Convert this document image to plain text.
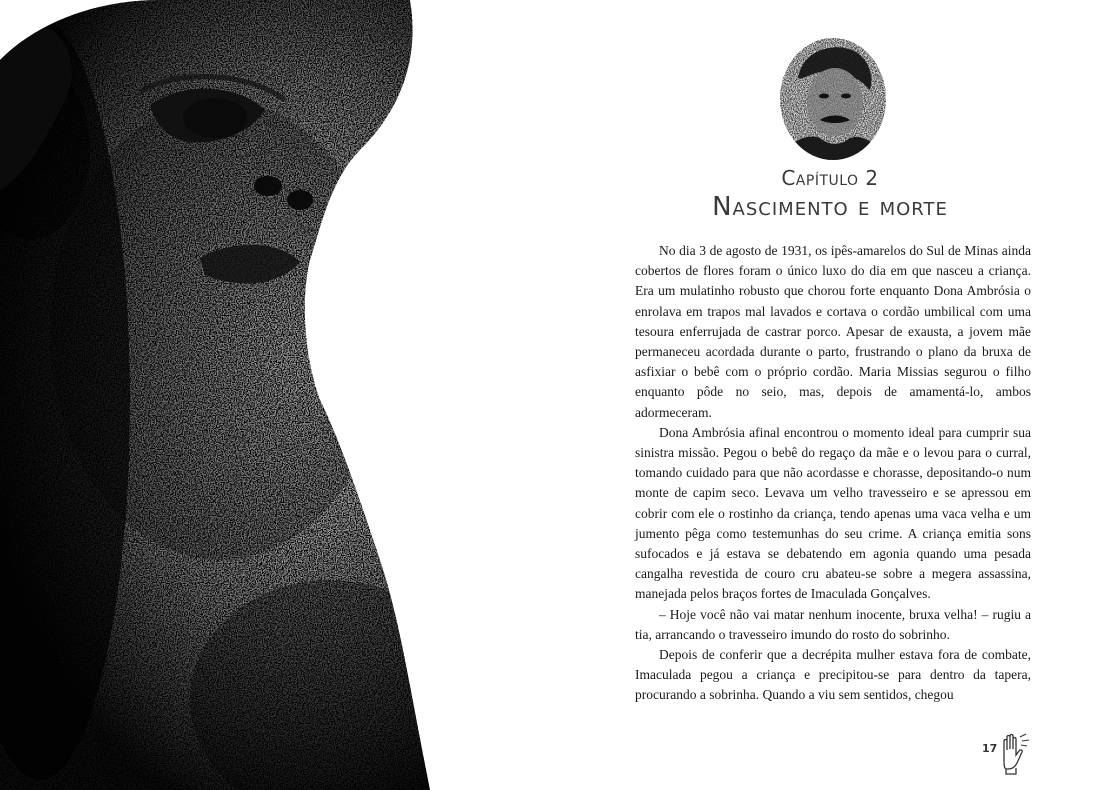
Capítulo 2
Nascimento e morte

No dia 3 de agosto de 1931, os ipês-amarelos do Sul de Minas ainda cobertos de flores foram o único luxo do dia em que nasceu a criança. Era um mulatinho robusto que chorou forte enquanto Dona Ambrósia o enrolava em trapos mal lavados e cortava o cordão umbilical com uma tesoura enferrujada de castrar porco. Apesar de exausta, a jovem mãe permaneceu acordada durante o parto, frustrando o plano da bruxa de asfixiar o bebê com o próprio cordão. Maria Missias segurou o filho enquanto pôde no seio, mas, depois de amamentá-lo, ambos adormeceram.

Dona Ambrósia afinal encontrou o momento ideal para cumprir sua sinistra missão. Pegou o bebê do regaço da mãe e o levou para o curral, tomando cuidado para que não acordasse e chorasse, depositando-o num monte de capim seco. Levava um velho travesseiro e se apressou em cobrir com ele o rostinho da criança, tendo apenas uma vaca velha e um jumento pêga como testemunhas do seu crime. A criança emitia sons sufocados e já estava se debatendo em agonia quando uma pesada cangalha revestida de couro cru abateu-se sobre a megera assassina, manejada pelos braços fortes de Imaculada Gonçalves.

– Hoje você não vai matar nenhum inocente, bruxa velha! – rugiu a tia, arrancando o travesseiro imundo do rosto do sobrinho.

Depois de conferir que a decrépita mulher estava fora de combate, Imaculada pegou a criança e precipitou-se para dentro da tapera, procurando a sobrinha. Quando a viu sem sentidos, chegou

17
